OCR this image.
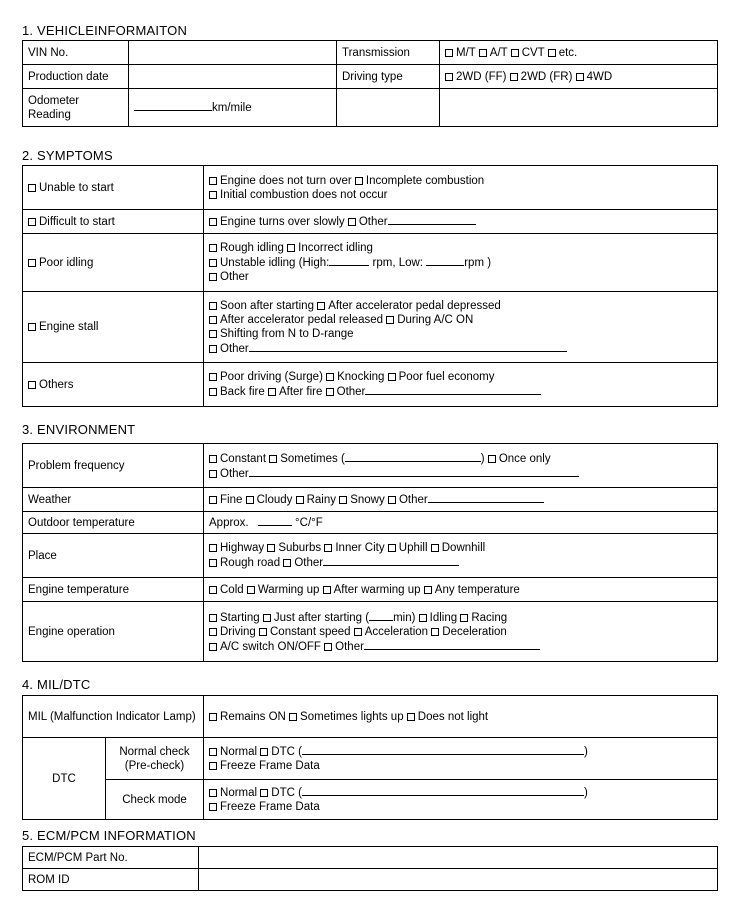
1. VEHICLEINFORMAITON
VIN No.		Transmission	M/T A/T CVT etc.
Production date		Driving type	2WD (FF) 2WD (FR) 4WD
Odometer Reading	km/mile		
2. SYMPTOMS
Unable to start	Engine does not turn over Incomplete combustion
Initial combustion does not occur
Difficult to start	Engine turns over slowly Other
Poor idling	Rough idling Incorrect idling
Unstable idling (High: rpm, Low: rpm )
Other
Engine stall	Soon after starting After accelerator pedal depressed
After accelerator pedal released During A/C ON
Shifting from N to D-range
Other
Others	Poor driving (Surge) Knocking Poor fuel economy
Back fire After fire Other
3. ENVIRONMENT
Problem frequency	Constant Sometimes ( ) Once only
Other
Weather	Fine Cloudy Rainy Snowy Other
Outdoor temperature	Approx. °C/°F
Place	Highway Suburbs Inner City Uphill Downhill
Rough road Other
Engine temperature	Cold Warming up After warming up Any temperature
Engine operation	Starting Just after starting ( min) Idling Racing
Driving Constant speed Acceleration Deceleration
A/C switch ON/OFF Other
4. MIL/DTC
MIL (Malfunction Indicator Lamp)		Remains ON Sometimes lights up Does not light
DTC	Normal check (Pre-check)	Normal DTC ( )
Freeze Frame Data
	Check mode	Normal DTC ( )
Freeze Frame Data
5. ECM/PCM INFORMATION
ECM/PCM Part No.	
ROM ID	
